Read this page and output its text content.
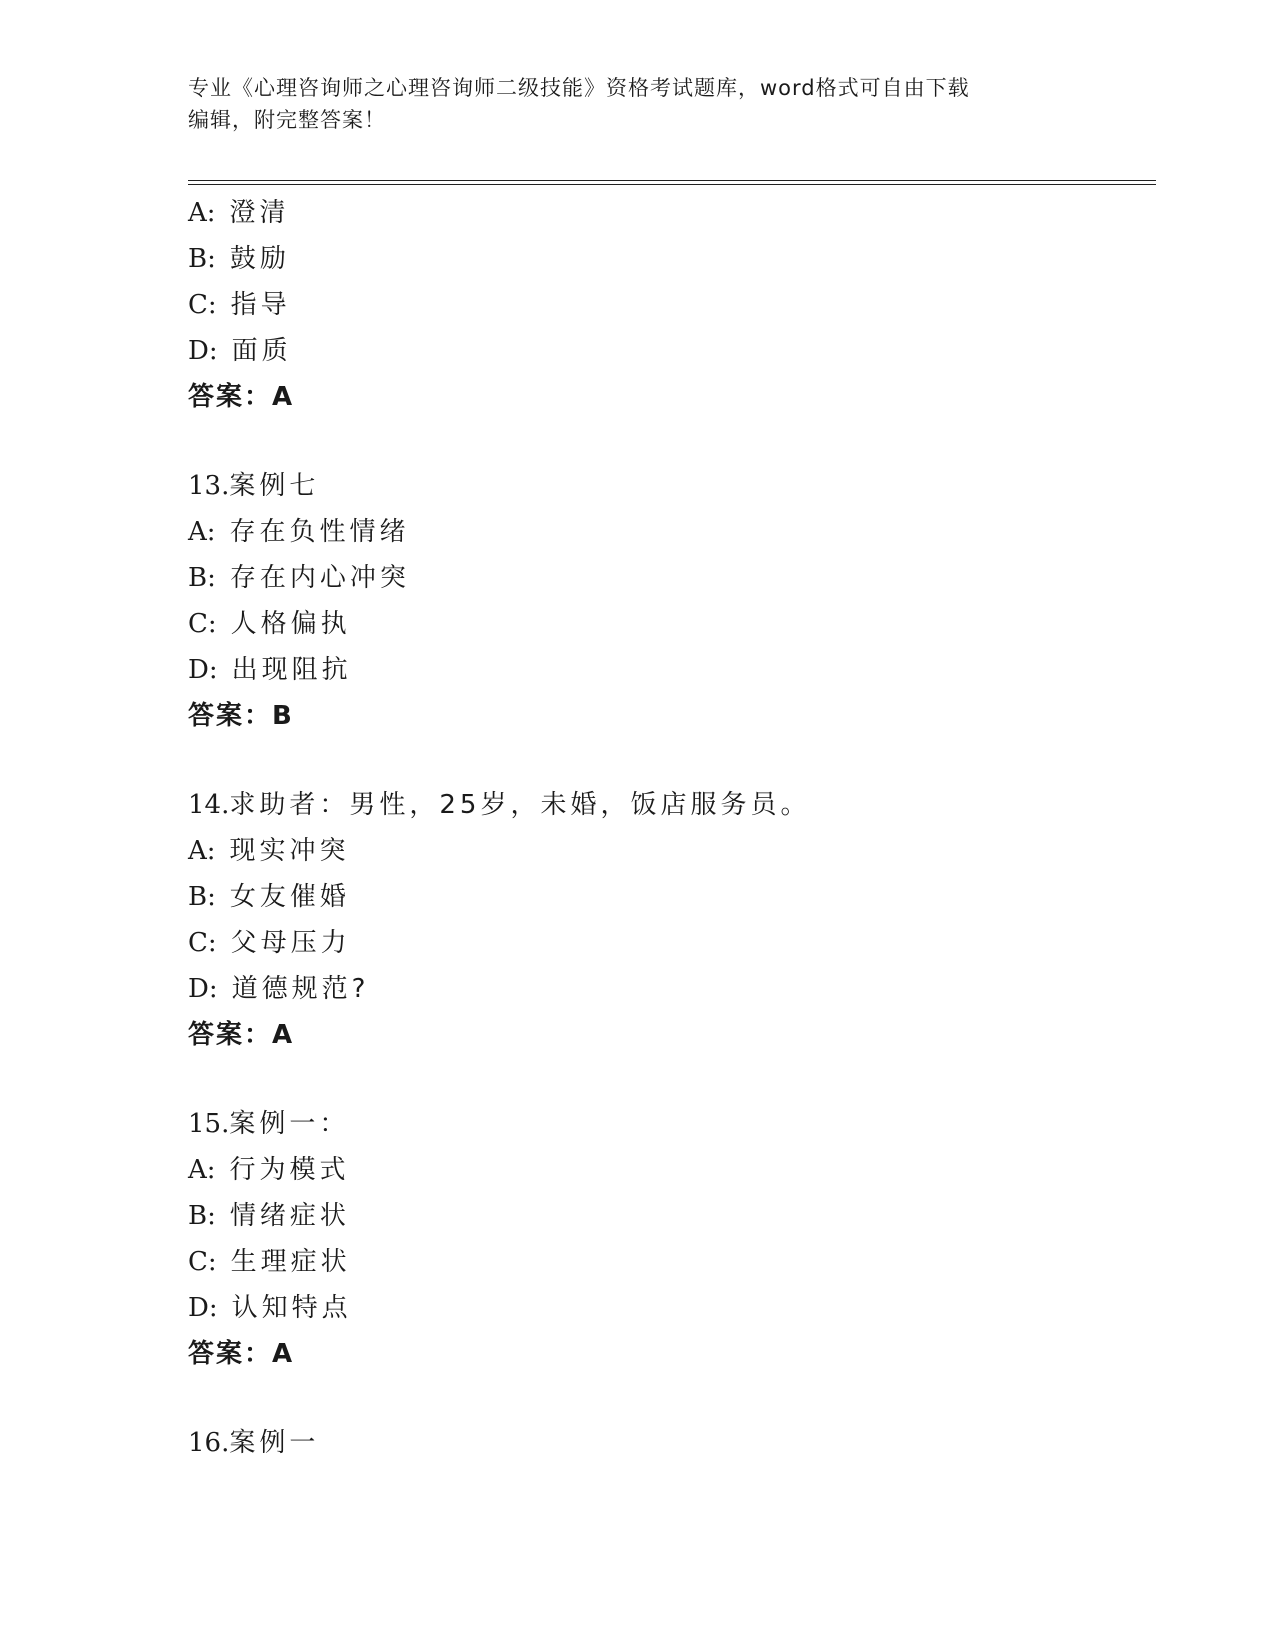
专业《心理咨询师之心理咨询师二级技能》资格考试题库，word格式可自由下载
编辑，附完整答案！
A: 澄清
B: 鼓励
C: 指导
D: 面质
答案：A
13.案例七
A: 存在负性情绪
B: 存在内心冲突
C: 人格偏执
D: 出现阻抗
答案：B
14.求助者：男性，25岁，未婚，饭店服务员。
A: 现实冲突
B: 女友催婚
C: 父母压力
D: 道德规范?
答案：A
15.案例一：
A: 行为模式
B: 情绪症状
C: 生理症状
D: 认知特点
答案：A
16.案例一
